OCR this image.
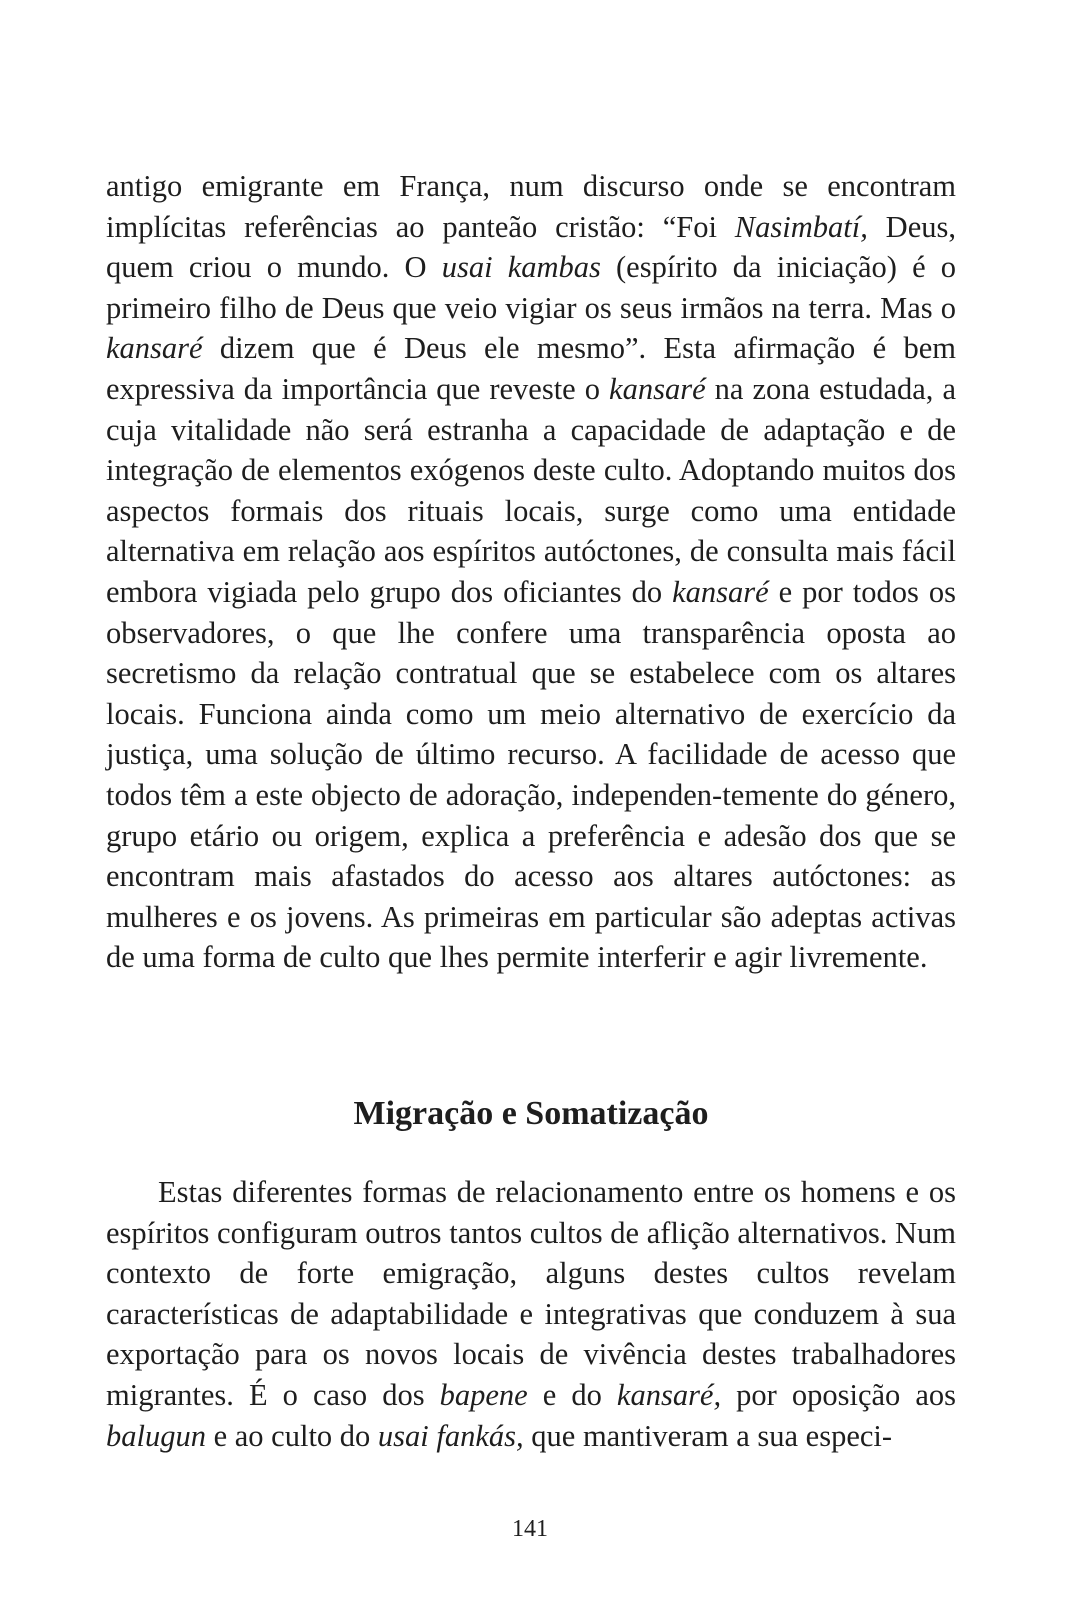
antigo emigrante em França, num discurso onde se encontram implícitas referências ao panteão cristão: “Foi Nasimbatí, Deus, quem criou o mundo. O usai kambas (espírito da iniciação) é o primeiro filho de Deus que veio vigiar os seus irmãos na terra. Mas o kansaré dizem que é Deus ele mesmo”. Esta afirmação é bem expressiva da importância que reveste o kansaré na zona estudada, a cuja vitalidade não será estranha a capacidade de adaptação e de integração de elementos exógenos deste culto. Adoptando muitos dos aspectos formais dos rituais locais, surge como uma entidade alternativa em relação aos espíritos autóctones, de consulta mais fácil embora vigiada pelo grupo dos oficiantes do kansaré e por todos os observadores, o que lhe confere uma transparência oposta ao secretismo da relação contratual que se estabelece com os altares locais. Funciona ainda como um meio alternativo de exercício da justiça, uma solução de último recurso. A facilidade de acesso que todos têm a este objecto de adoração, independen-temente do género, grupo etário ou origem, explica a preferência e adesão dos que se encontram mais afastados do acesso aos altares autóctones: as mulheres e os jovens. As primeiras em particular são adeptas activas de uma forma de culto que lhes permite interferir e agir livremente.

Migração e Somatização

Estas diferentes formas de relacionamento entre os homens e os espíritos configuram outros tantos cultos de aflição alternativos. Num contexto de forte emigração, alguns destes cultos revelam características de adaptabilidade e integrativas que conduzem à sua exportação para os novos locais de vivência destes trabalhadores migrantes. É o caso dos bapene e do kansaré, por oposição aos balugun e ao culto do usai fankás, que mantiveram a sua especi-

141
